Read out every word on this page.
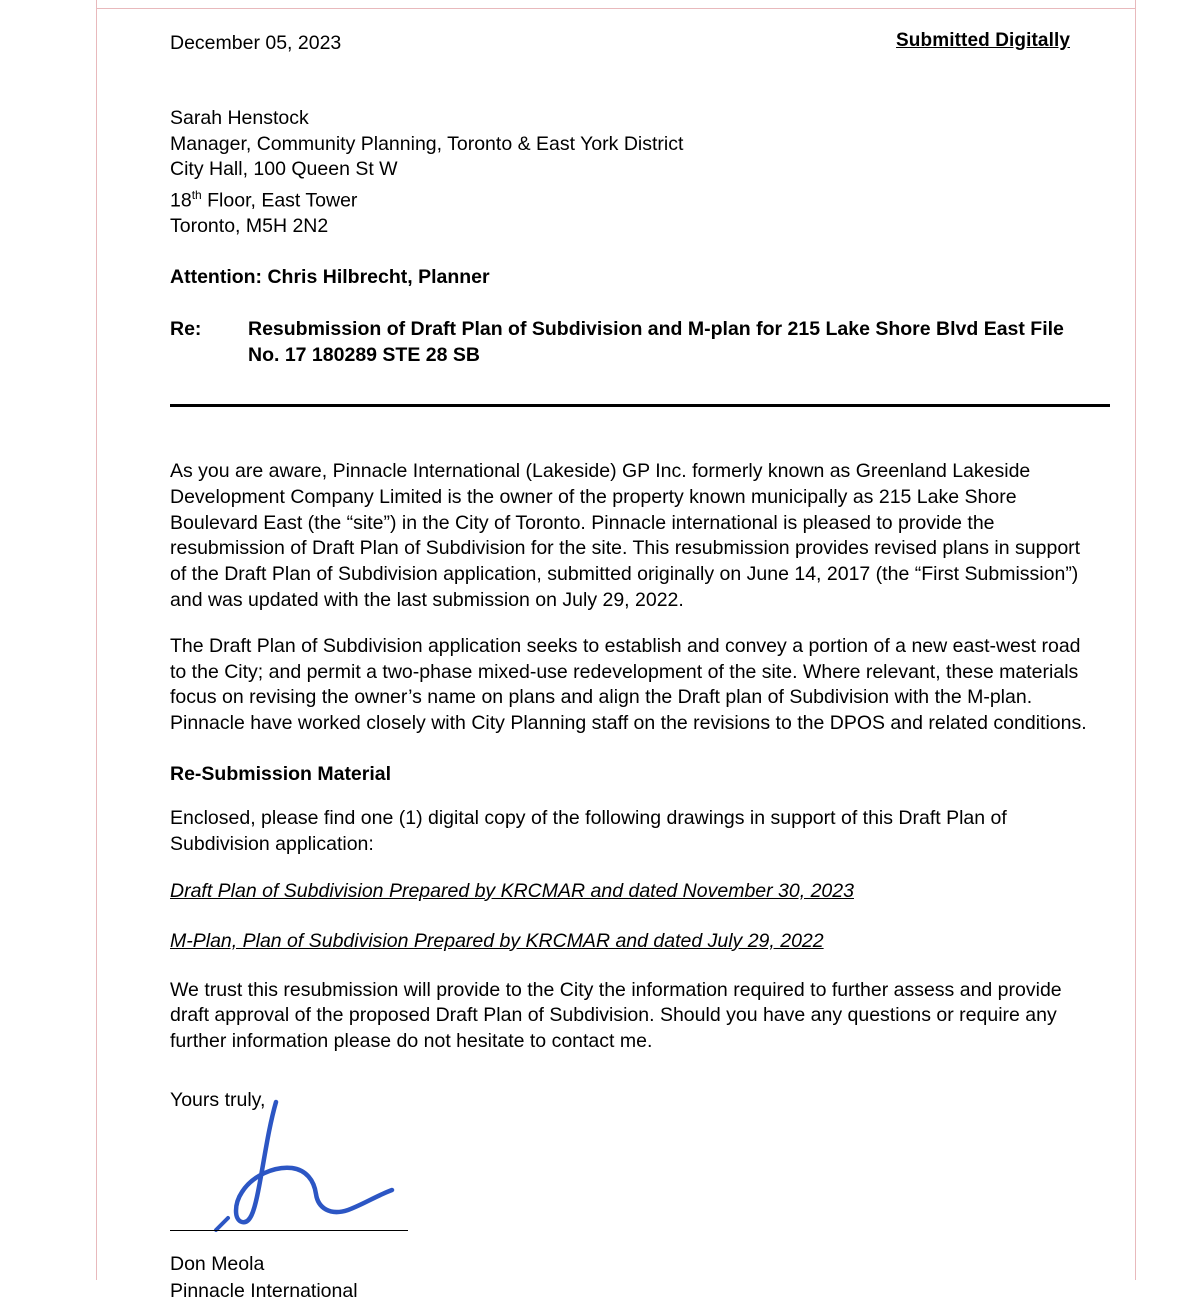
December 05, 2023	Submitted Digitally
Sarah Henstock
Manager, Community Planning, Toronto & East York District
City Hall, 100 Queen St W
18th Floor, East Tower
Toronto, M5H 2N2
Attention: Chris Hilbrecht, Planner
Re:	Resubmission of Draft Plan of Subdivision and M-plan for 215 Lake Shore Blvd East File No. 17 180289 STE 28 SB

As you are aware, Pinnacle International (Lakeside) GP Inc. formerly known as Greenland Lakeside Development Company Limited is the owner of the property known municipally as 215 Lake Shore Boulevard East (the “site”) in the City of Toronto. Pinnacle international is pleased to provide the resubmission of Draft Plan of Subdivision for the site. This resubmission provides revised plans in support of the Draft Plan of Subdivision application, submitted originally on June 14, 2017 (the “First Submission”) and was updated with the last submission on July 29, 2022.

The Draft Plan of Subdivision application seeks to establish and convey a portion of a new east-west road to the City; and permit a two-phase mixed-use redevelopment of the site. Where relevant, these materials focus on revising the owner’s name on plans and align the Draft plan of Subdivision with the M-plan. Pinnacle have worked closely with City Planning staff on the revisions to the DPOS and related conditions.

Re-Submission Material

Enclosed, please find one (1) digital copy of the following drawings in support of this Draft Plan of Subdivision application:

Draft Plan of Subdivision Prepared by KRCMAR and dated November 30, 2023
M-Plan, Plan of Subdivision Prepared by KRCMAR and dated July 29, 2022

We trust this resubmission will provide to the City the information required to further assess and provide draft approval of the proposed Draft Plan of Subdivision. Should you have any questions or require any further information please do not hesitate to contact me.

Yours truly,
Don Meola
Pinnacle International
